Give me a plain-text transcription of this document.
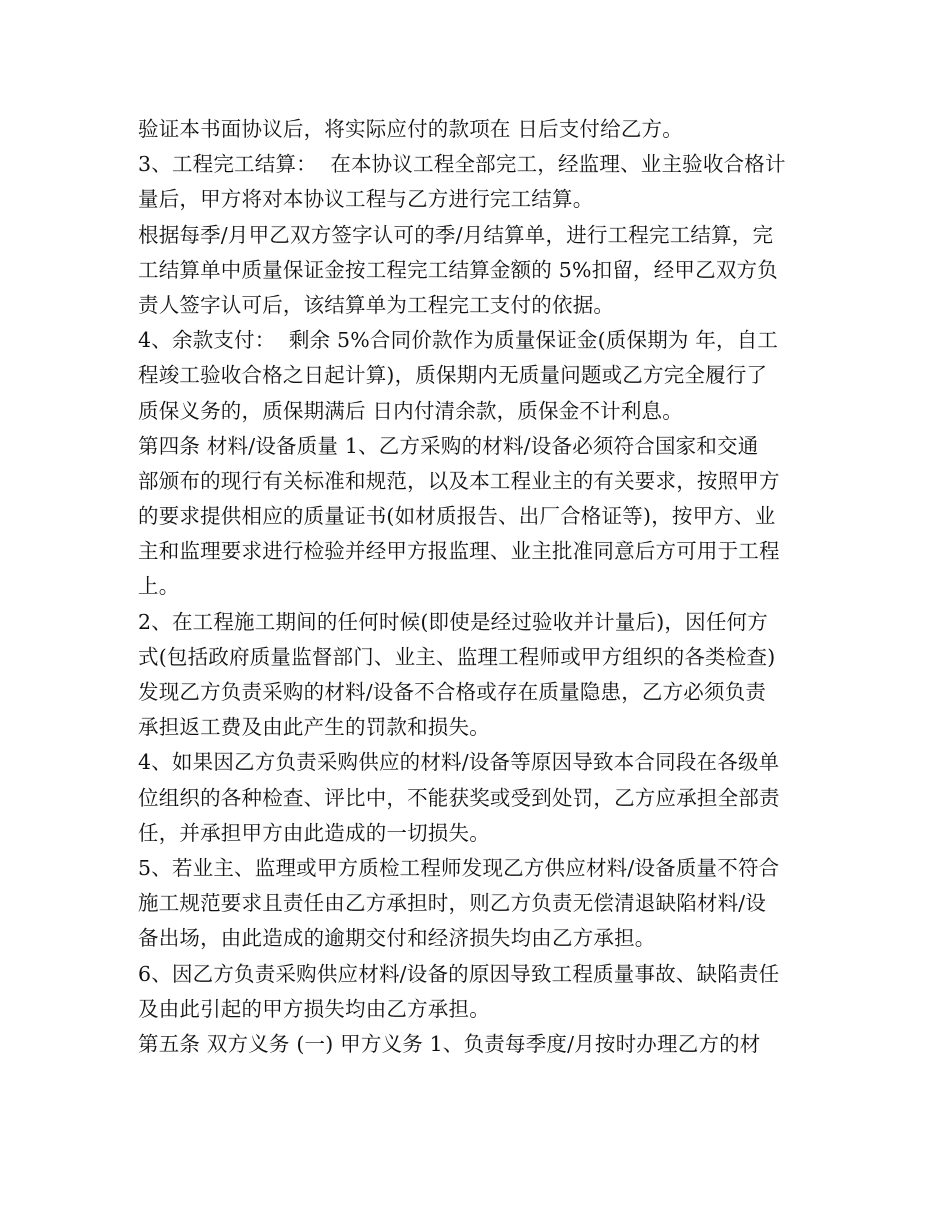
验证本书面协议后，将实际应付的款项在 日后支付给乙方。
3、工程完工结算：  在本协议工程全部完工，经监理、业主验收合格计
量后，甲方将对本协议工程与乙方进行完工结算。
根据每季/月甲乙双方签字认可的季/月结算单，进行工程完工结算，完
工结算单中质量保证金按工程完工结算金额的 5%扣留，经甲乙双方负
责人签字认可后，该结算单为工程完工支付的依据。
4、余款支付：  剩余 5%合同价款作为质量保证金(质保期为 年，自工
程竣工验收合格之日起计算)，质保期内无质量问题或乙方完全履行了
质保义务的，质保期满后 日内付清余款，质保金不计利息。
第四条 材料/设备质量 1、乙方采购的材料/设备必须符合国家和交通
部颁布的现行有关标准和规范，以及本工程业主的有关要求，按照甲方
的要求提供相应的质量证书(如材质报告、出厂合格证等)，按甲方、业
主和监理要求进行检验并经甲方报监理、业主批准同意后方可用于工程
上。
2、在工程施工期间的任何时候(即使是经过验收并计量后)，因任何方
式(包括政府质量监督部门、业主、监理工程师或甲方组织的各类检查)
发现乙方负责采购的材料/设备不合格或存在质量隐患，乙方必须负责
承担返工费及由此产生的罚款和损失。
4、如果因乙方负责采购供应的材料/设备等原因导致本合同段在各级单
位组织的各种检查、评比中，不能获奖或受到处罚，乙方应承担全部责
任，并承担甲方由此造成的一切损失。
5、若业主、监理或甲方质检工程师发现乙方供应材料/设备质量不符合
施工规范要求且责任由乙方承担时，则乙方负责无偿清退缺陷材料/设
备出场，由此造成的逾期交付和经济损失均由乙方承担。
6、因乙方负责采购供应材料/设备的原因导致工程质量事故、缺陷责任
及由此引起的甲方损失均由乙方承担。
第五条 双方义务 (一) 甲方义务 1、负责每季度/月按时办理乙方的材
